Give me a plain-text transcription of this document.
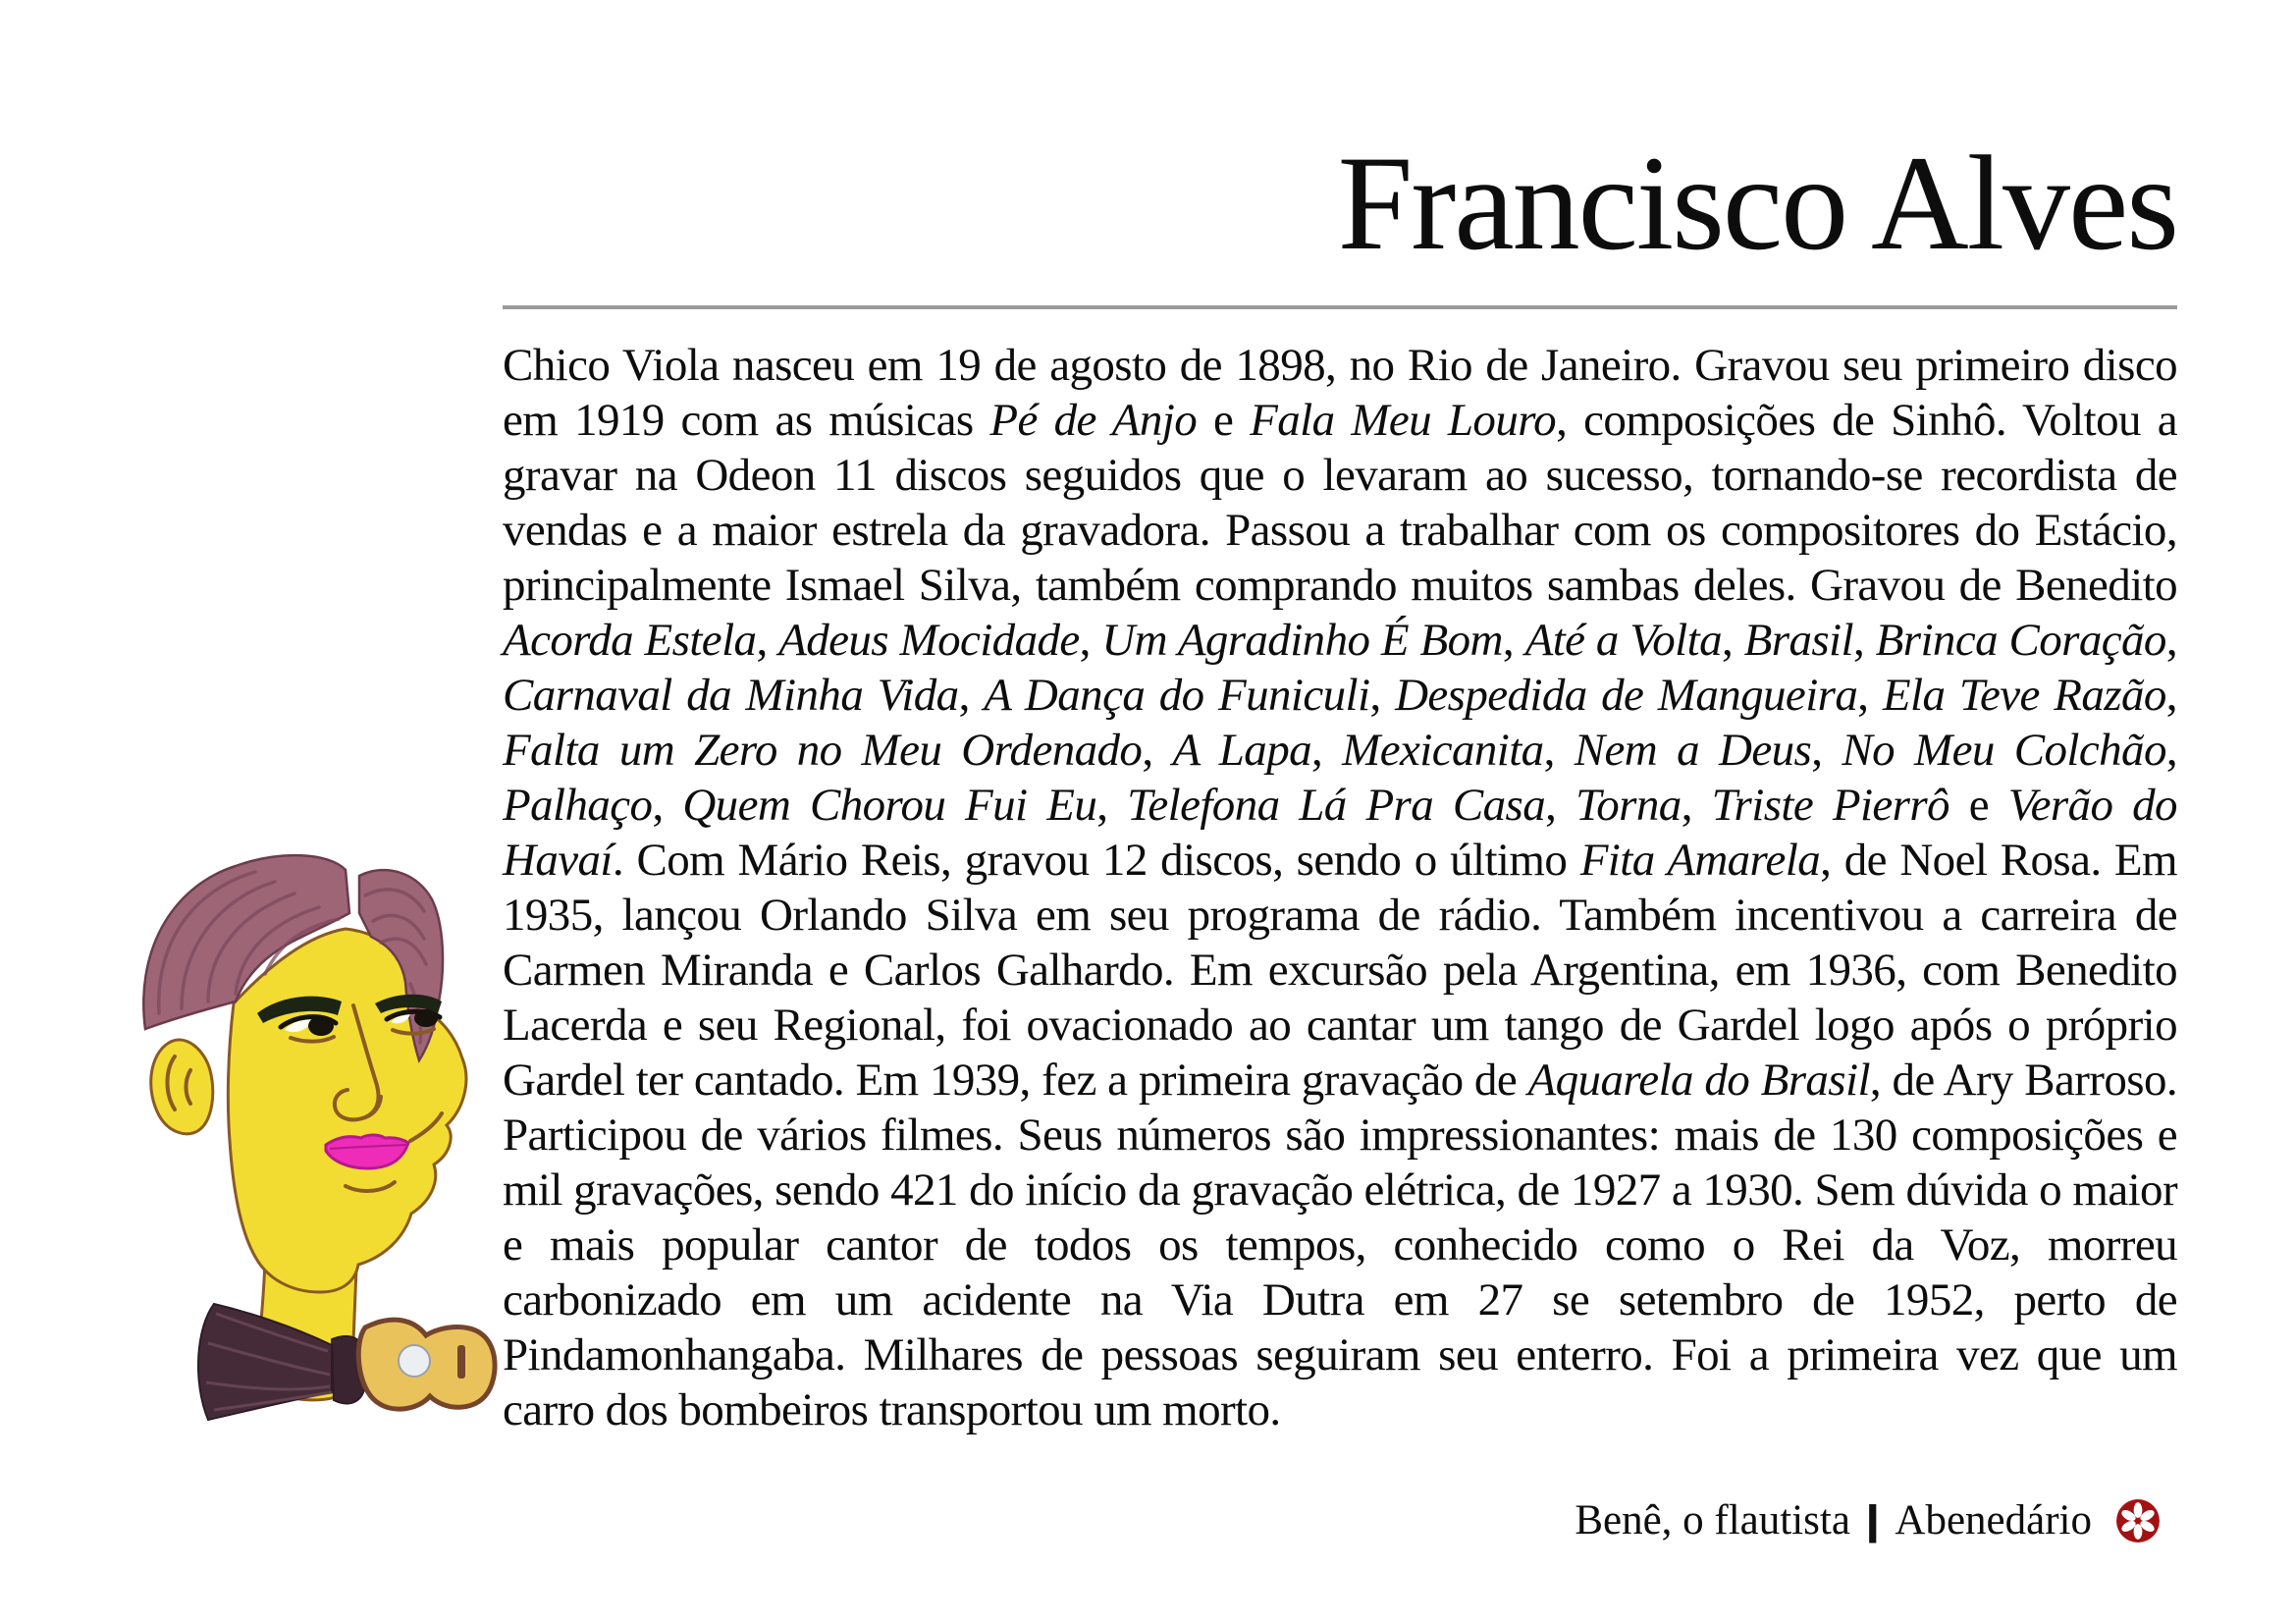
Francisco Alves

Chico Viola nasceu em 19 de agosto de 1898, no Rio de Janeiro. Gravou seu primeiro disco em 1919 com as músicas Pé de Anjo e Fala Meu Louro, composições de Sinhô. Voltou a gravar na Odeon 11 discos seguidos que o levaram ao sucesso, tornando-se recordista de vendas e a maior estrela da gravadora. Passou a trabalhar com os compositores do Estácio, principalmente Ismael Silva, também comprando muitos sambas deles. Gravou de Benedito Acorda Estela, Adeus Mocidade, Um Agradinho É Bom, Até a Volta, Brasil, Brinca Coração, Carnaval da Minha Vida, A Dança do Funiculi, Despedida de Mangueira, Ela Teve Razão, Falta um Zero no Meu Ordenado, A Lapa, Mexicanita, Nem a Deus, No Meu Colchão, Palhaço, Quem Chorou Fui Eu, Telefona Lá Pra Casa, Torna, Triste Pierrô e Verão do Havaí. Com Mário Reis, gravou 12 discos, sendo o último Fita Amarela, de Noel Rosa. Em 1935, lançou Orlando Silva em seu programa de rádio. Também incentivou a carreira de Carmen Miranda e Carlos Galhardo. Em excursão pela Argentina, em 1936, com Benedito Lacerda e seu Regional, foi ovacionado ao cantar um tango de Gardel logo após o próprio Gardel ter cantado. Em 1939, fez a primeira gravação de Aquarela do Brasil, de Ary Barroso. Participou de vários filmes. Seus números são impressionantes: mais de 130 composições e mil gravações, sendo 421 do início da gravação elétrica, de 1927 a 1930. Sem dúvida o maior e mais popular cantor de todos os tempos, conhecido como o Rei da Voz, morreu carbonizado em um acidente na Via Dutra em 27 se setembro de 1952, perto de Pindamonhangaba. Milhares de pessoas seguiram seu enterro. Foi a primeira vez que um carro dos bombeiros transportou um morto.

Benê, o flautista | Abenedário
